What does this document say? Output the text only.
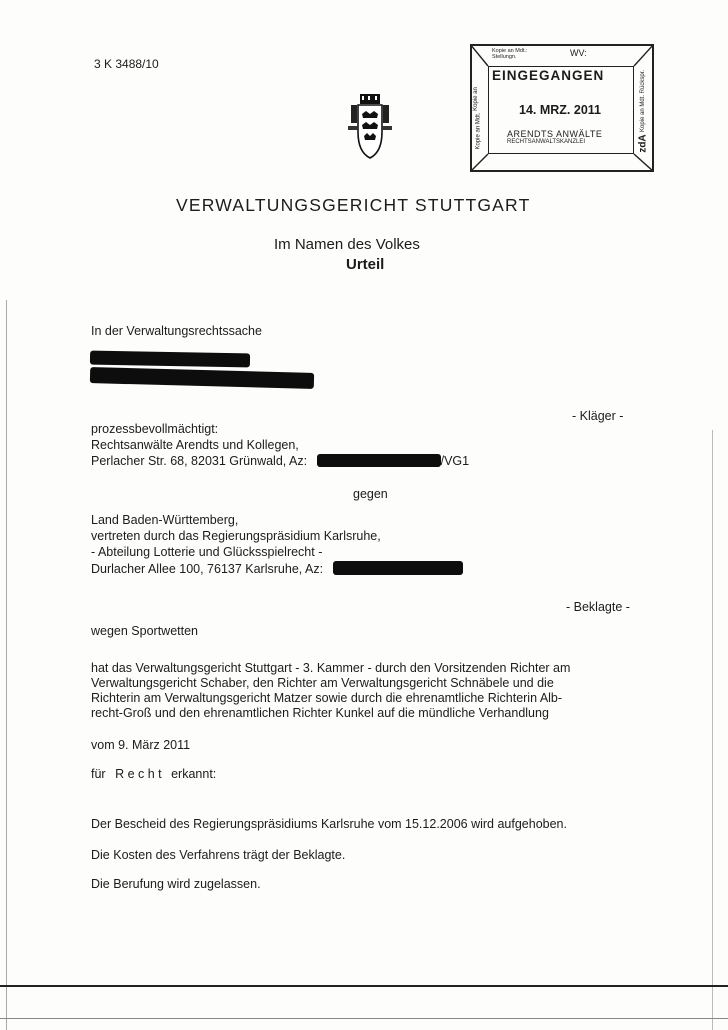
3 K 3488/10
Kopie an Mdt.: Stellungn.	WV:
EINGEGANGEN
14. MRZ. 2011
ARENDTS ANWÄLTE
RECHTSANWALTSKANZLEI
Kopie an
Kopie an Mdt.	Kopie an Mdt. Rückspr.
zdA
VERWALTUNGSGERICHT STUTTGART
Im Namen des Volkes
Urteil
In der Verwaltungsrechtssache
- Kläger -
prozessbevollmächtigt:
Rechtsanwälte Arendts und Kollegen,
Perlacher Str. 68, 82031 Grünwald, Az:	/VG1
gegen
Land Baden-Württemberg,
vertreten durch das Regierungspräsidium Karlsruhe,
- Abteilung Lotterie und Glücksspielrecht -
Durlacher Allee 100, 76137 Karlsruhe, Az:
- Beklagte -
wegen Sportwetten
hat das Verwaltungsgericht Stuttgart - 3. Kammer - durch den Vorsitzenden Richter am
Verwaltungsgericht Schaber, den Richter am Verwaltungsgericht Schnäbele und die
Richterin am Verwaltungsgericht Matzer sowie durch die ehrenamtliche Richterin Alb-
recht-Groß und den ehrenamtlichen Richter Kunkel auf die mündliche Verhandlung
vom 9. März 2011
für R e c h t erkannt:
Der Bescheid des Regierungspräsidiums Karlsruhe vom 15.12.2006 wird aufgehoben.
Die Kosten des Verfahrens trägt der Beklagte.
Die Berufung wird zugelassen.
